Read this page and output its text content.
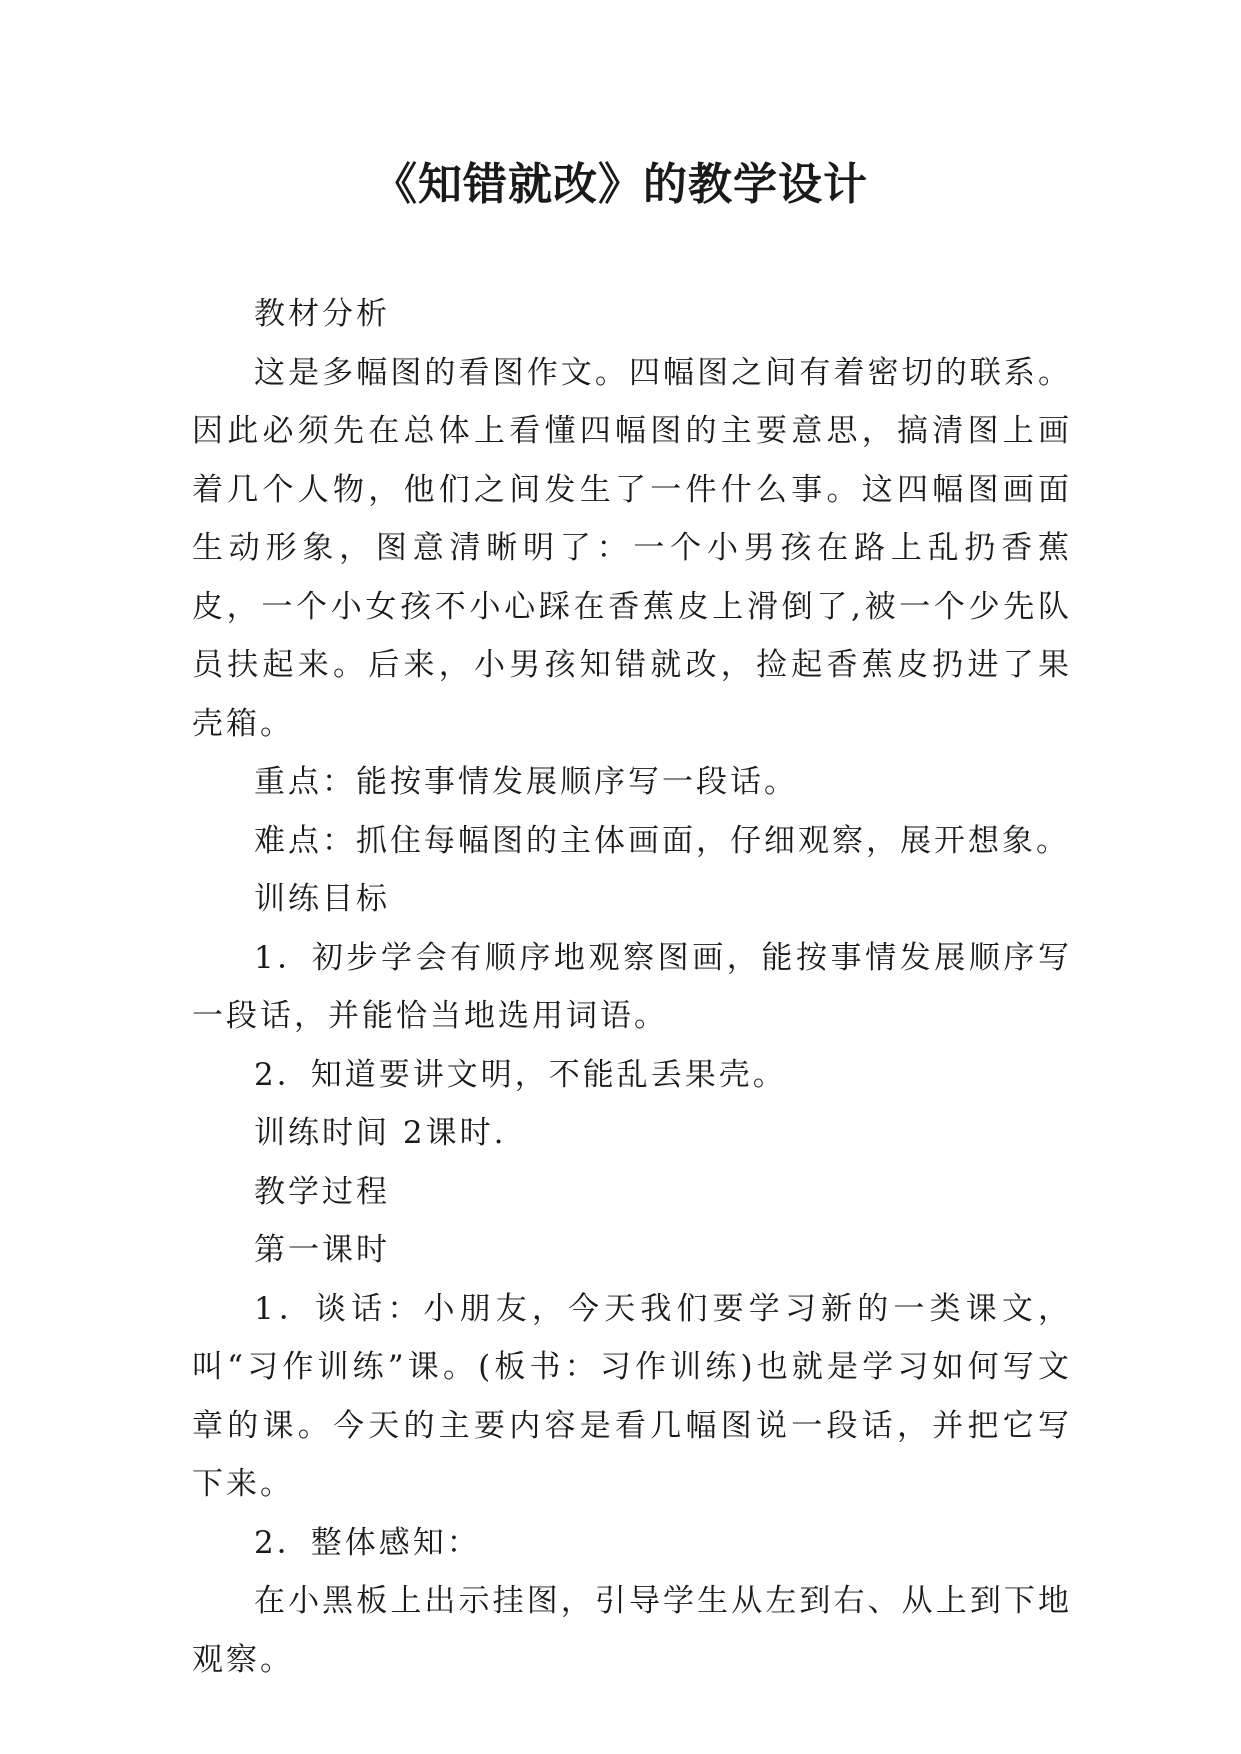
《知错就改》的教学设计

教材分析

这是多幅图的看图作文。四幅图之间有着密切的联系。因此必须先在总体上看懂四幅图的主要意思，搞清图上画着几个人物，他们之间发生了一件什么事。这四幅图画面生动形象，图意清晰明了：一个小男孩在路上乱扔香蕉皮，一个小女孩不小心踩在香蕉皮上滑倒了,被一个少先队员扶起来。后来，小男孩知错就改，捡起香蕉皮扔进了果壳箱。

重点：能按事情发展顺序写一段话。

难点：抓住每幅图的主体画面，仔细观察，展开想象。

训练目标

1．初步学会有顺序地观察图画，能按事情发展顺序写一段话，并能恰当地选用词语。

2．知道要讲文明，不能乱丢果壳。

训练时间 2课时.

教学过程

第一课时

1．谈话：小朋友，今天我们要学习新的一类课文，叫“习作训练”课。(板书：习作训练)也就是学习如何写文章的课。今天的主要内容是看几幅图说一段话，并把它写下来。

2．整体感知：

在小黑板上出示挂图，引导学生从左到右、从上到下地观察。
